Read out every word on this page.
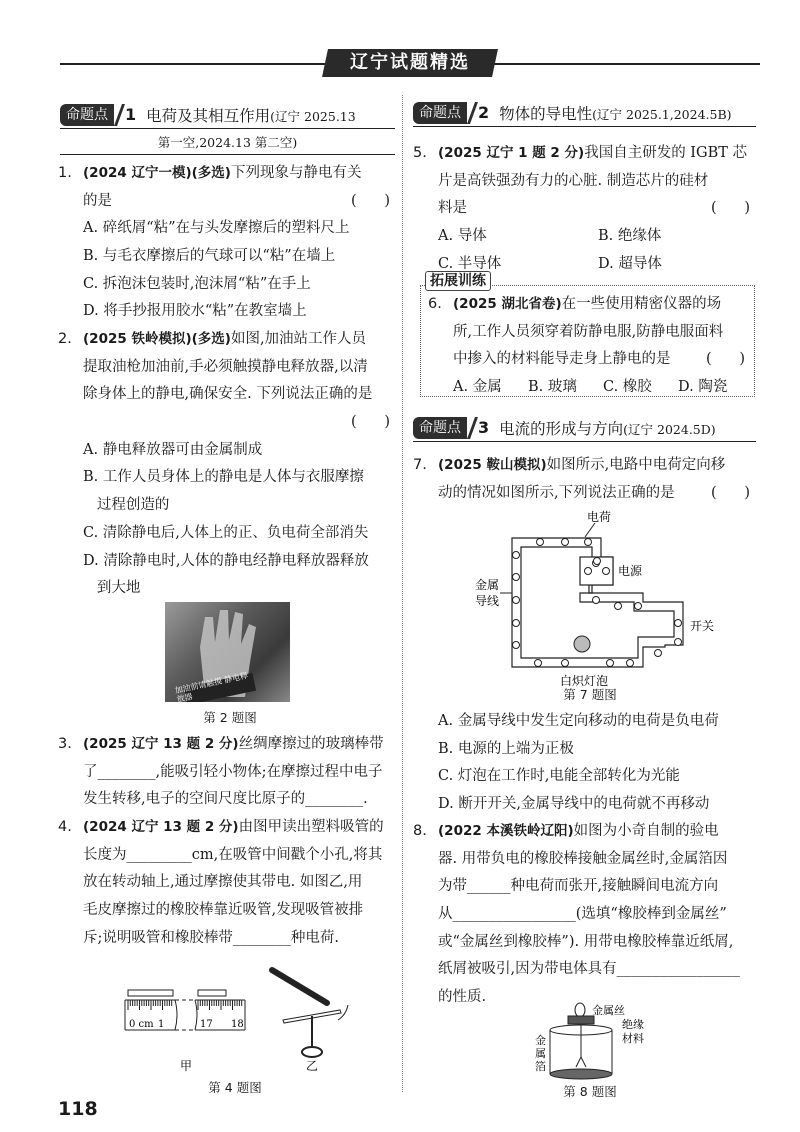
辽宁试题精选
命题点	1 电荷及其相互作用 (辽宁 2025.13
第一空,2024.13 第二空)
命题点	2 物体的导电性 (辽宁 2025.1,2024.5B)
拓展训练
命题点	3 电流的形成与方向 (辽宁 2024.5D)
1. (2024 辽宁一模)(多选)下列现象与静电有关
的是	(      )
A. 碎纸屑“粘”在与头发摩擦后的塑料尺上
B. 与毛衣摩擦后的气球可以“粘”在墙上
C. 拆泡沫包装时,泡沫屑“粘”在手上
D. 将手抄报用胶水“粘”在教室墙上
2. (2025 铁岭模拟)(多选)如图,加油站工作人员
提取油枪加油前,手必须触摸静电释放器,以清
除身体上的静电,确保安全. 下列说法正确的是
(      )
A. 静电释放器可由金属制成
B. 工作人员身体上的静电是人体与衣服摩擦
过程创造的
C. 清除静电后,人体上的正、负电荷全部消失
D. 清除静电时,人体的静电经静电释放器释放
到大地
3. (2025 辽宁 13 题 2 分)丝绸摩擦过的玻璃棒带
了________,能吸引轻小物体;在摩擦过程中电子
发生转移,电子的空间尺度比原子的________.
4. (2024 辽宁 13 题 2 分)由图甲读出塑料吸管的
长度为_________cm,在吸管中间戳个小孔,将其
放在转动轴上,通过摩擦使其带电. 如图乙,用
毛皮摩擦过的橡胶棒靠近吸管,发现吸管被排
斥;说明吸管和橡胶棒带________种电荷.
5. (2025 辽宁 1 题 2 分)我国自主研发的 IGBT 芯
片是高铁强劲有力的心脏. 制造芯片的硅材
料是	(      )
A. 导体	B. 绝缘体
C. 半导体	D. 超导体
6. (2025 湖北省卷)在一些使用精密仪器的场
所,工作人员须穿着防静电服,防静电服面料
中掺入的材料能导走身上静电的是 (      )
A. 金属	B. 玻璃	C. 橡胶	D. 陶瓷
7. (2025 鞍山模拟)如图所示,电路中电荷定向移
动的情况如图所示,下列说法正确的是	(      )
A. 金属导线中发生定向移动的电荷是负电荷
B. 电源的上端为正极
C. 灯泡在工作时,电能全部转化为光能
D. 断开开关,金属导线中的电荷就不再移动
8. (2022 本溪铁岭辽阳)如图为小奇自制的验电
器. 用带负电的橡胶棒接触金属丝时,金属箔因
为带______种电荷而张开,接触瞬间电流方向
从_________________(选填“橡胶棒到金属丝”
或“金属丝到橡胶棒”). 用带电橡胶棒靠近纸屑,
纸屑被吸引,因为带电体具有_________________
的性质.
加油前请触摸 静电释放器
第 2 题图
0 cm 1	17 18
甲	乙
第 4 题图
电荷
电源
金属
导线
开关
白炽灯泡
第 7 题图
金属丝
绝缘
材料
金
属
箔
第 8 题图
118
